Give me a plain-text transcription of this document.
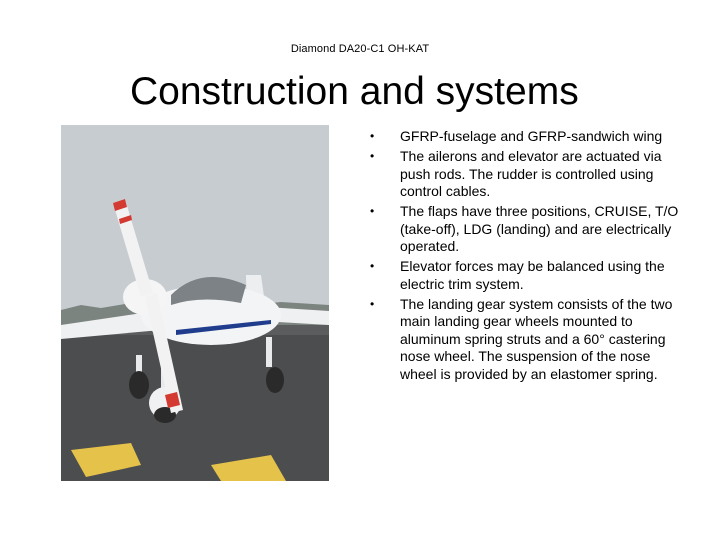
Diamond DA20-C1 OH-KAT
Construction and systems
• GFRP-fuselage and GFRP-sandwich wing
• The ailerons and elevator are actuated via push rods. The rudder is controlled using control cables.
• The flaps have three positions, CRUISE, T/O (take-off), LDG (landing) and are electrically operated.
• Elevator forces may be balanced using the electric trim system.
• The landing gear system consists of the two main landing gear wheels mounted to aluminum spring struts and a 60° castering nose wheel. The suspension of the nose wheel is provided by an elastomer spring.
